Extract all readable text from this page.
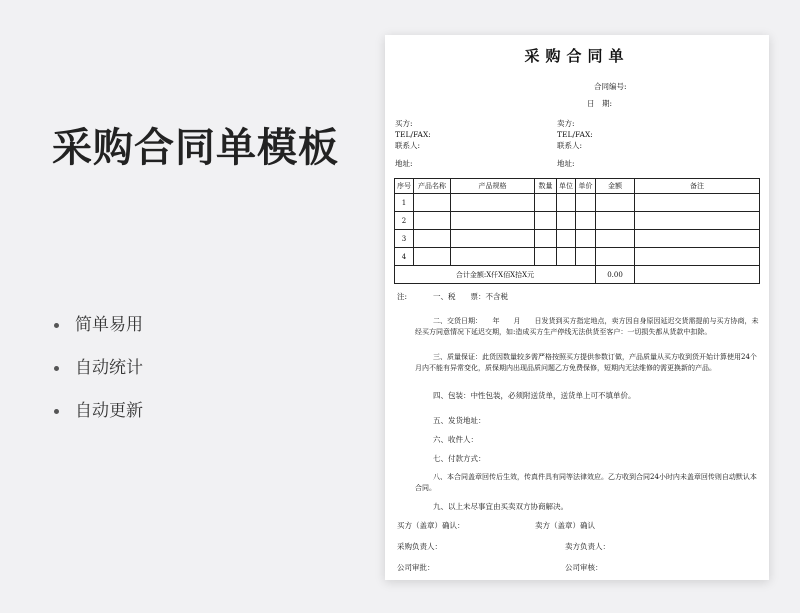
采购合同单模板
简单易用
自动统计
自动更新
采购合同单
合同编号:
日　期:
买方:
TEL/FAX:
联系人:
地址:
卖方:
TEL/FAX:
联系人:
地址:
序号	产品名称	产品规格	数量	单位	单价	金额	备注
1							
2							
3							
4							
合计金额:X仟X佰X拾X元						0.00	
注:	一、税　　票：不含税
二、交货日期：　　年　　月　　日发货到买方指定地点，卖方因自身原因延迟交货需提前与买方协商，未经买方同意情况下延迟交期，如:造成买方生产停线无法供货至客户：一切损失都从货款中扣除。
三、质量保证：此货因数量较多需严格按照买方提供参数订做，产品质量从买方收到货开始计算使用24个月内不能有异常变化，质保期内出现品质问题乙方免费保修，短期内无法维修的需更换新的产品。
四、包装：中性包装，必须附送货单，送货单上可不填单价。
五、发货地址：
六、收件人：
七、付款方式：
八、本合同盖章回传后生效，传真件具有同等法律效应。乙方收到合同24小时内未盖章回传则自动默认本合同。
九、以上未尽事宜由买卖双方协商解决。
买方（盖章）确认：	卖方（盖章）确认
采购负责人：	卖方负责人：
公司审批：	公司审核：
